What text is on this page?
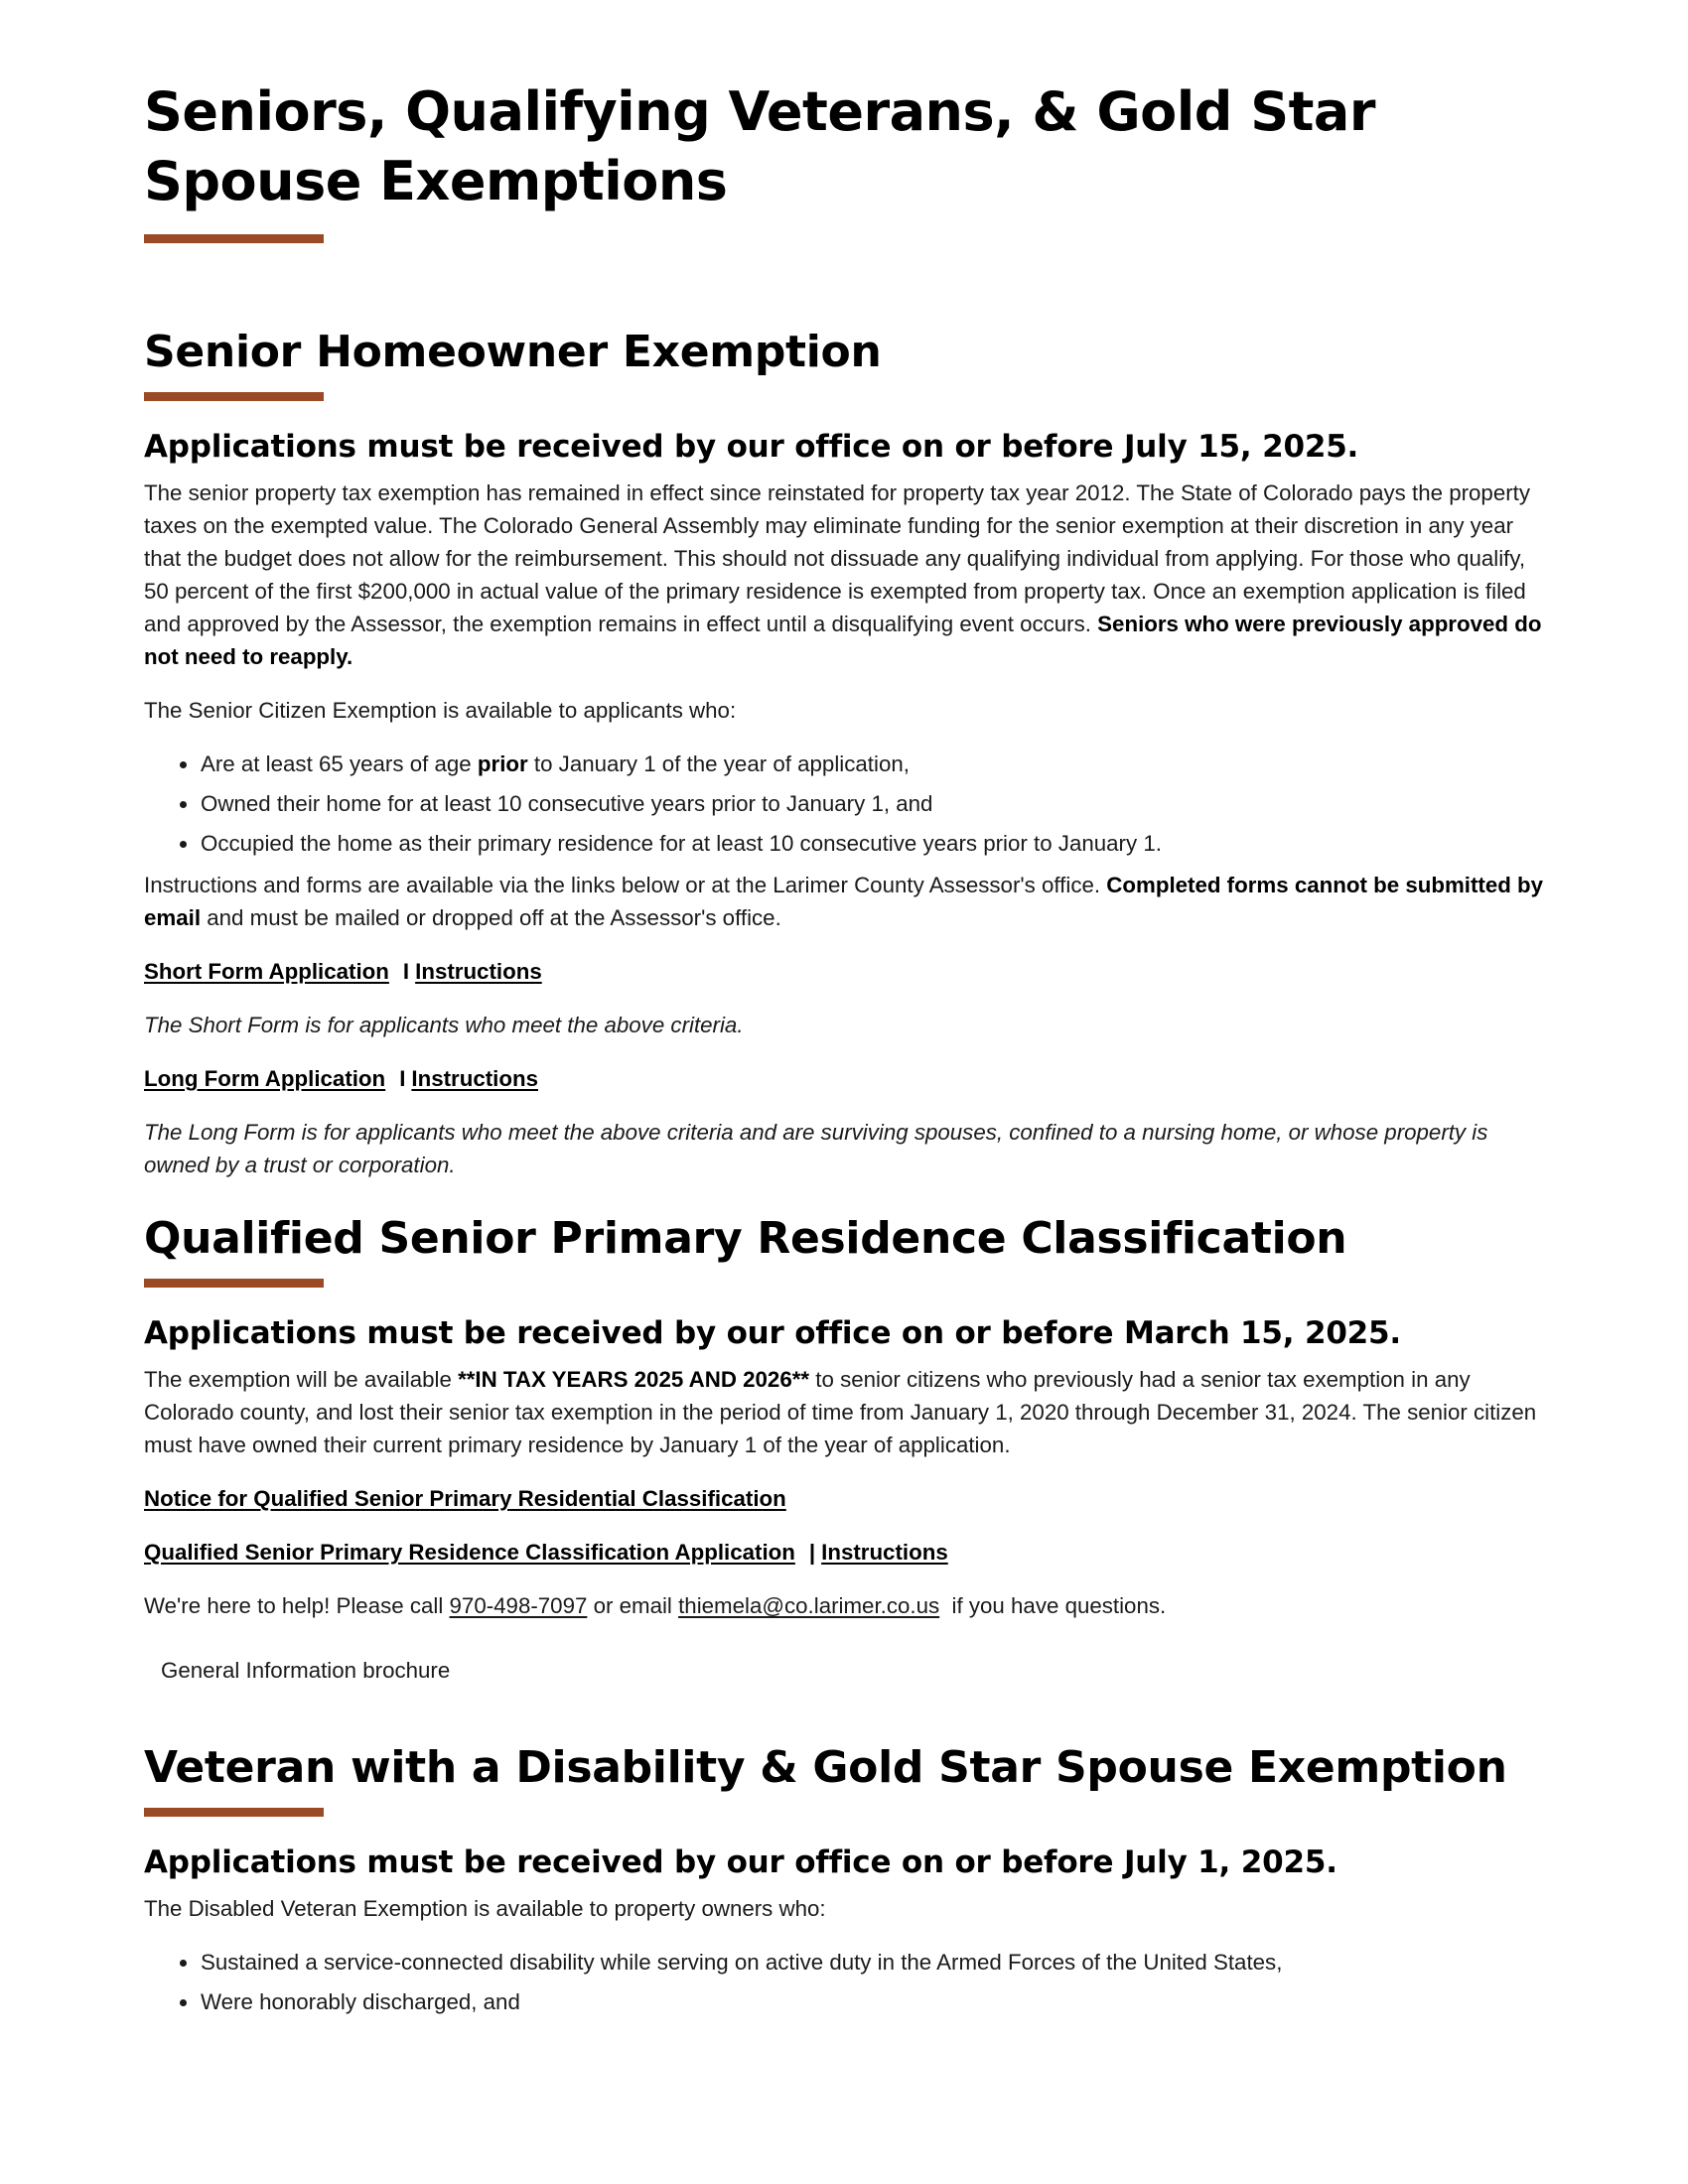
Seniors, Qualifying Veterans, & Gold Star Spouse Exemptions
Senior Homeowner Exemption
Applications must be received by our office on or before July 15, 2025.

The senior property tax exemption has remained in effect since reinstated for property tax year 2012. The State of Colorado pays the property taxes on the exempted value. The Colorado General Assembly may eliminate funding for the senior exemption at their discretion in any year that the budget does not allow for the reimbursement. This should not dissuade any qualifying individual from applying. For those who qualify, 50 percent of the first $200,000 in actual value of the primary residence is exempted from property tax. Once an exemption application is filed and approved by the Assessor, the exemption remains in effect until a disqualifying event occurs. Seniors who were previously approved do not need to reapply.

The Senior Citizen Exemption is available to applicants who:

Are at least 65 years of age prior to January 1 of the year of application,
Owned their home for at least 10 consecutive years prior to January 1, and
Occupied the home as their primary residence for at least 10 consecutive years prior to January 1.

Instructions and forms are available via the links below or at the Larimer County Assessor's office. Completed forms cannot be submitted by email and must be mailed or dropped off at the Assessor's office.

Short Form Application I Instructions

The Short Form is for applicants who meet the above criteria.

Long Form Application I Instructions

The Long Form is for applicants who meet the above criteria and are surviving spouses, confined to a nursing home, or whose property is owned by a trust or corporation.

Qualified Senior Primary Residence Classification
Applications must be received by our office on or before March 15, 2025.

The exemption will be available **IN TAX YEARS 2025 AND 2026** to senior citizens who previously had a senior tax exemption in any Colorado county, and lost their senior tax exemption in the period of time from January 1, 2020 through December 31, 2024. The senior citizen must have owned their current primary residence by January 1 of the year of application.

Notice for Qualified Senior Primary Residential Classification

Qualified Senior Primary Residence Classification Application | Instructions

We're here to help! Please call 970-498-7097 or email thiemela@co.larimer.co.us if you have questions.

General Information brochure

Veteran with a Disability & Gold Star Spouse Exemption
Applications must be received by our office on or before July 1, 2025.

The Disabled Veteran Exemption is available to property owners who:

Sustained a service-connected disability while serving on active duty in the Armed Forces of the United States,
Were honorably discharged, and
